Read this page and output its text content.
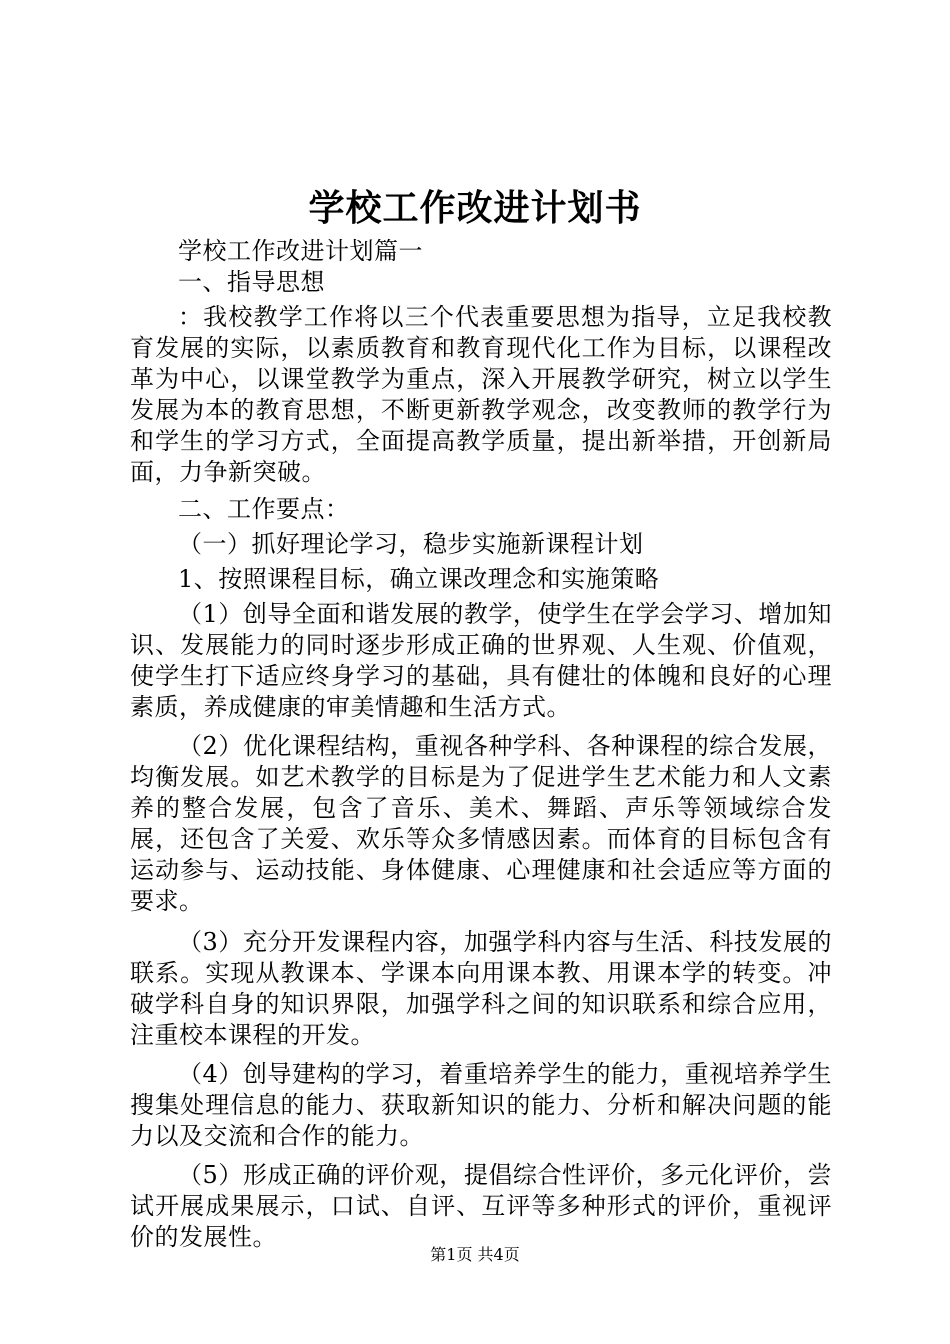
学校工作改进计划书

学校工作改进计划篇一

一、指导思想

：我校教学工作将以三个代表重要思想为指导，立足我校教育发展的实际，以素质教育和教育现代化工作为目标，以课程改革为中心，以课堂教学为重点，深入开展教学研究，树立以学生发展为本的教育思想，不断更新教学观念，改变教师的教学行为和学生的学习方式，全面提高教学质量，提出新举措，开创新局面，力争新突破。

二、工作要点：

（一）抓好理论学习，稳步实施新课程计划

1、按照课程目标，确立课改理念和实施策略

（1）创导全面和谐发展的教学，使学生在学会学习、增加知识、发展能力的同时逐步形成正确的世界观、人生观、价值观，使学生打下适应终身学习的基础，具有健壮的体魄和良好的心理素质，养成健康的审美情趣和生活方式。

（2）优化课程结构，重视各种学科、各种课程的综合发展，均衡发展。如艺术教学的目标是为了促进学生艺术能力和人文素养的整合发展，包含了音乐、美术、舞蹈、声乐等领域综合发展，还包含了关爱、欢乐等众多情感因素。而体育的目标包含有运动参与、运动技能、身体健康、心理健康和社会适应等方面的要求。

（3）充分开发课程内容，加强学科内容与生活、科技发展的联系。实现从教课本、学课本向用课本教、用课本学的转变。冲破学科自身的知识界限，加强学科之间的知识联系和综合应用，注重校本课程的开发。

（4）创导建构的学习，着重培养学生的能力，重视培养学生搜集处理信息的能力、获取新知识的能力、分析和解决问题的能力以及交流和合作的能力。

（5）形成正确的评价观，提倡综合性评价，多元化评价，尝试开展成果展示，口试、自评、互评等多种形式的评价，重视评价的发展性。

第1页 共4页
